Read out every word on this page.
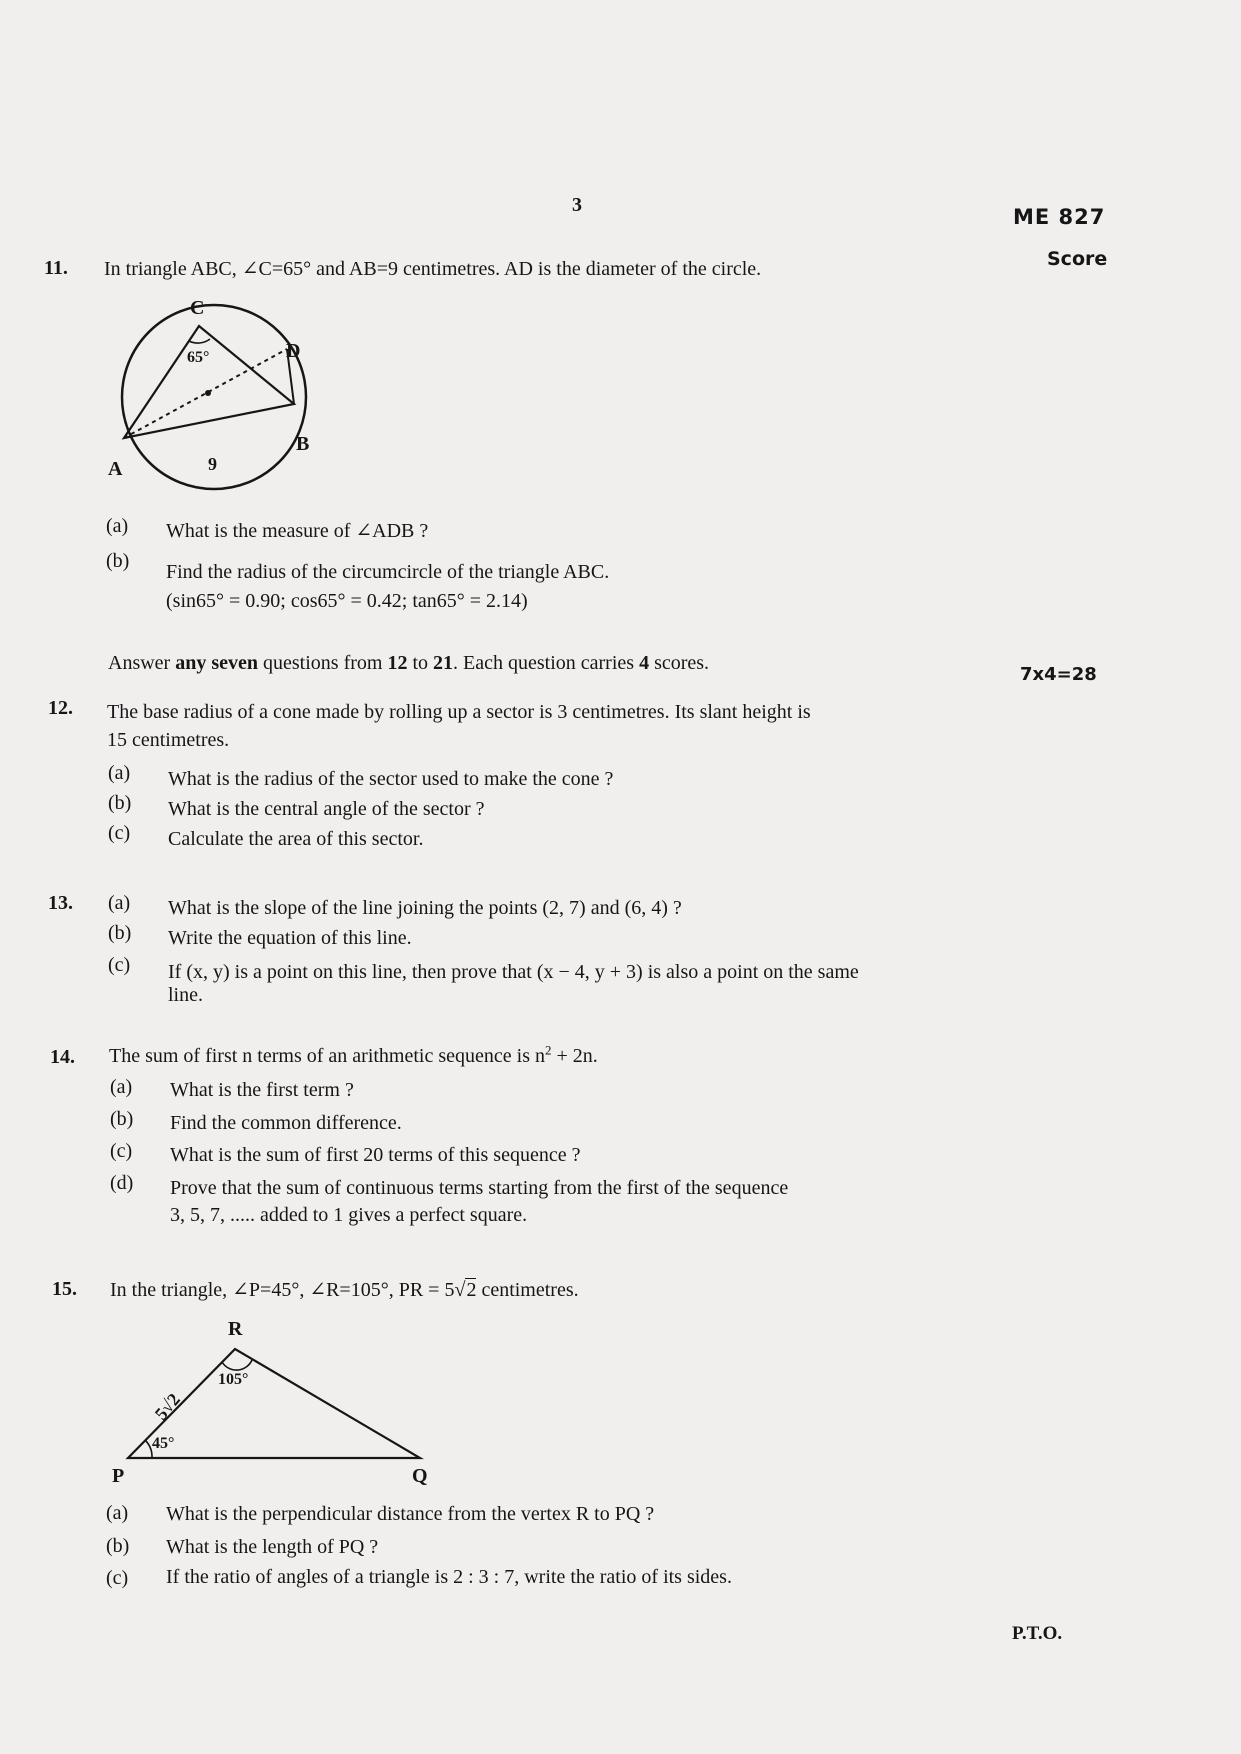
3	ME 827
Score
11. In triangle ABC, ∠C=65° and AB=9 centimetres. AD is the diameter of the circle.
C
D
B
A
65°
9
(a) What is the measure of ∠ADB ?
(b) Find the radius of the circumcircle of the triangle ABC.
(sin65° = 0.90; cos65° = 0.42; tan65° = 2.14)
Answer any seven questions from 12 to 21. Each question carries 4 scores.
7x4=28
12. The base radius of a cone made by rolling up a sector is 3 centimetres. Its slant height is
15 centimetres.
(a) What is the radius of the sector used to make the cone ?
(b) What is the central angle of the sector ?
(c) Calculate the area of this sector.
13. (a) What is the slope of the line joining the points (2, 7) and (6, 4) ?
(b) Write the equation of this line.
(c) If (x, y) is a point on this line, then prove that (x − 4, y + 3) is also a point on the same
line.
14. The sum of first n terms of an arithmetic sequence is $n^2 + 2n$.
(a) What is the first term ?
(b) Find the common difference.
(c) What is the sum of first 20 terms of this sequence ?
(d) Prove that the sum of continuous terms starting from the first of the sequence
3, 5, 7, ..... added to 1 gives a perfect square.
15. In the triangle, ∠P=45°, ∠R=105°, PR = 5√2 centimetres.
R
P	Q
105°
45°
5√2
(a) What is the perpendicular distance from the vertex R to PQ ?
(b) What is the length of PQ ?
(c) If the ratio of angles of a triangle is 2 : 3 : 7, write the ratio of its sides.
P.T.O.
